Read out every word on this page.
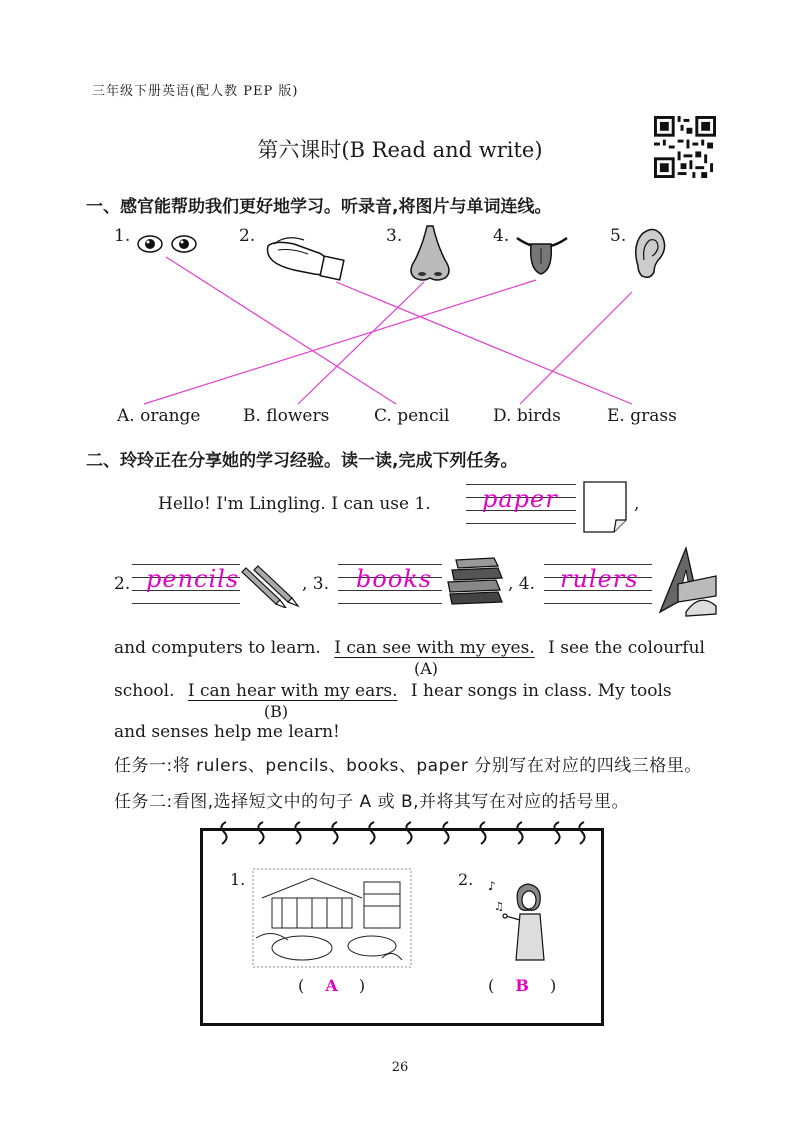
三年级下册英语(配人教 PEP 版)
第六课时(B Read and write)
一、感官能帮助我们更好地学习。听录音,将图片与单词连线。
1.	2.	3.	4.	5.
A. orange	B. flowers	C. pencil	D. birds	E. grass
二、玲玲正在分享她的学习经验。读一读,完成下列任务。
Hello! I'm Lingling. I can use 1. paper	,
2. pencils	, 3. books	, 4. rulers
and computers to learn. I can see with my eyes. I see the colourful
(A)
school. I can hear with my ears. I hear songs in class. My tools
(B)
and senses help me learn!
任务一:将 rulers、pencils、books、paper 分别写在对应的四线三格里。
任务二:看图,选择短文中的句子 A 或 B,并将其写在对应的括号里。
1.	2. ♪
♫
( A )	( B )
26
